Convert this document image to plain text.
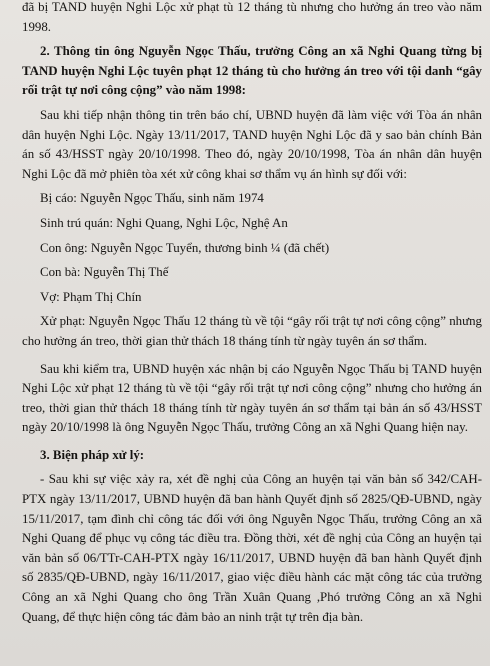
đã bị TAND huyện Nghi Lộc xử phạt tù 12 tháng tù nhưng cho hưởng án treo vào năm 1998.

2. Thông tin ông Nguyễn Ngọc Thấu, trưởng Công an xã Nghi Quang từng bị TAND huyện Nghi Lộc tuyên phạt 12 tháng tù cho hưởng án treo với tội danh “gây rối trật tự nơi công cộng” vào năm 1998:

Sau khi tiếp nhận thông tin trên báo chí, UBND huyện đã làm việc với Tòa án nhân dân huyện Nghi Lộc. Ngày 13/11/2017, TAND huyện Nghi Lộc đã y sao bản chính Bản án số 43/HSST ngày 20/10/1998. Theo đó, ngày 20/10/1998, Tòa án nhân dân huyện Nghi Lộc đã mở phiên tòa xét xử công khai sơ thẩm vụ án hình sự đối với:

Bị cáo: Nguyễn Ngọc Thấu, sinh năm 1974

Sinh trú quán: Nghi Quang, Nghi Lộc, Nghệ An

Con ông: Nguyễn Ngọc Tuyển, thương binh ¼ (đã chết)

Con bà: Nguyễn Thị Thế

Vợ: Phạm Thị Chín

Xử phạt: Nguyễn Ngọc Thấu 12 tháng tù về tội “gây rối trật tự nơi công cộng” nhưng cho hưởng án treo, thời gian thử thách 18 tháng tính từ ngày tuyên án sơ thẩm.

Sau khi kiểm tra, UBND huyện xác nhận bị cáo Nguyễn Ngọc Thấu bị TAND huyện Nghi Lộc xử phạt 12 tháng tù về tội “gây rối trật tự nơi công cộng” nhưng cho hưởng án treo, thời gian thử thách 18 tháng tính từ ngày tuyên án sơ thẩm tại bản án số 43/HSST ngày 20/10/1998 là ông Nguyễn Ngọc Thấu, trưởng Công an xã Nghi Quang hiện nay.

3. Biện pháp xử lý:

- Sau khi sự việc xảy ra, xét đề nghị của Công an huyện tại văn bản số 342/CAH-PTX ngày 13/11/2017, UBND huyện đã ban hành Quyết định số 2825/QĐ-UBND, ngày 15/11/2017, tạm đình chỉ công tác đối với ông Nguyễn Ngọc Thấu, trưởng Công an xã Nghi Quang để phục vụ công tác điều tra. Đồng thời, xét đề nghị của Công an huyện tại văn bản số 06/TTr-CAH-PTX ngày 16/11/2017, UBND huyện đã ban hành Quyết định số 2835/QĐ-UBND, ngày 16/11/2017, giao việc điều hành các mặt công tác của trưởng Công an xã Nghi Quang cho ông Trần Xuân Quang ,Phó trưởng Công an xã Nghi Quang, để thực hiện công tác đảm bảo an ninh trật tự trên địa bàn.
